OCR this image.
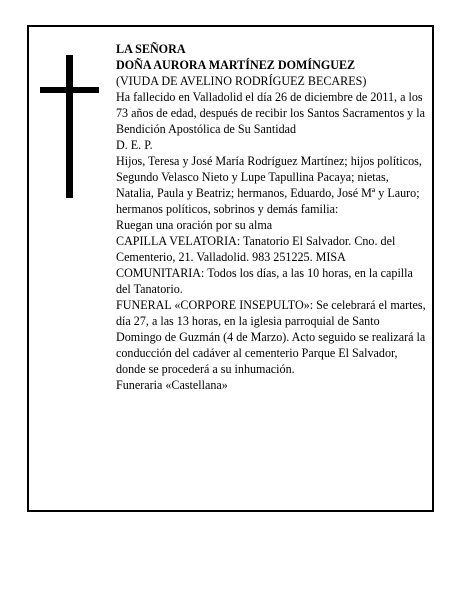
LA SEÑORA

DOÑA AURORA MARTÍNEZ DOMÍNGUEZ

(VIUDA DE AVELINO RODRÍGUEZ BECARES)

Ha fallecido en Valladolid el día 26 de diciembre de 2011, a los 73 años de edad, después de recibir los Santos Sacramentos y la Bendición Apostólica de Su Santidad

D. E. P.

Hijos, Teresa y José María Rodríguez Martínez; hijos políticos, Segundo Velasco Nieto y Lupe Tapullina Pacaya; nietas, Natalia, Paula y Beatriz; hermanos, Eduardo, José Mª y Lauro; hermanos políticos, sobrinos y demás familia:

Ruegan una oración por su alma

CAPILLA VELATORIA: Tanatorio El Salvador. Cno. del Cementerio, 21. Valladolid. 983 251225. MISA COMUNITARIA: Todos los días, a las 10 horas, en la capilla del Tanatorio.

FUNERAL «CORPORE INSEPULTO»: Se celebrará el martes, día 27, a las 13 horas, en la iglesia parroquial de Santo Domingo de Guzmán (4 de Marzo). Acto seguido se realizará la conducción del cadáver al cementerio Parque El Salvador, donde se procederá a su inhumación.

Funeraria «Castellana»
